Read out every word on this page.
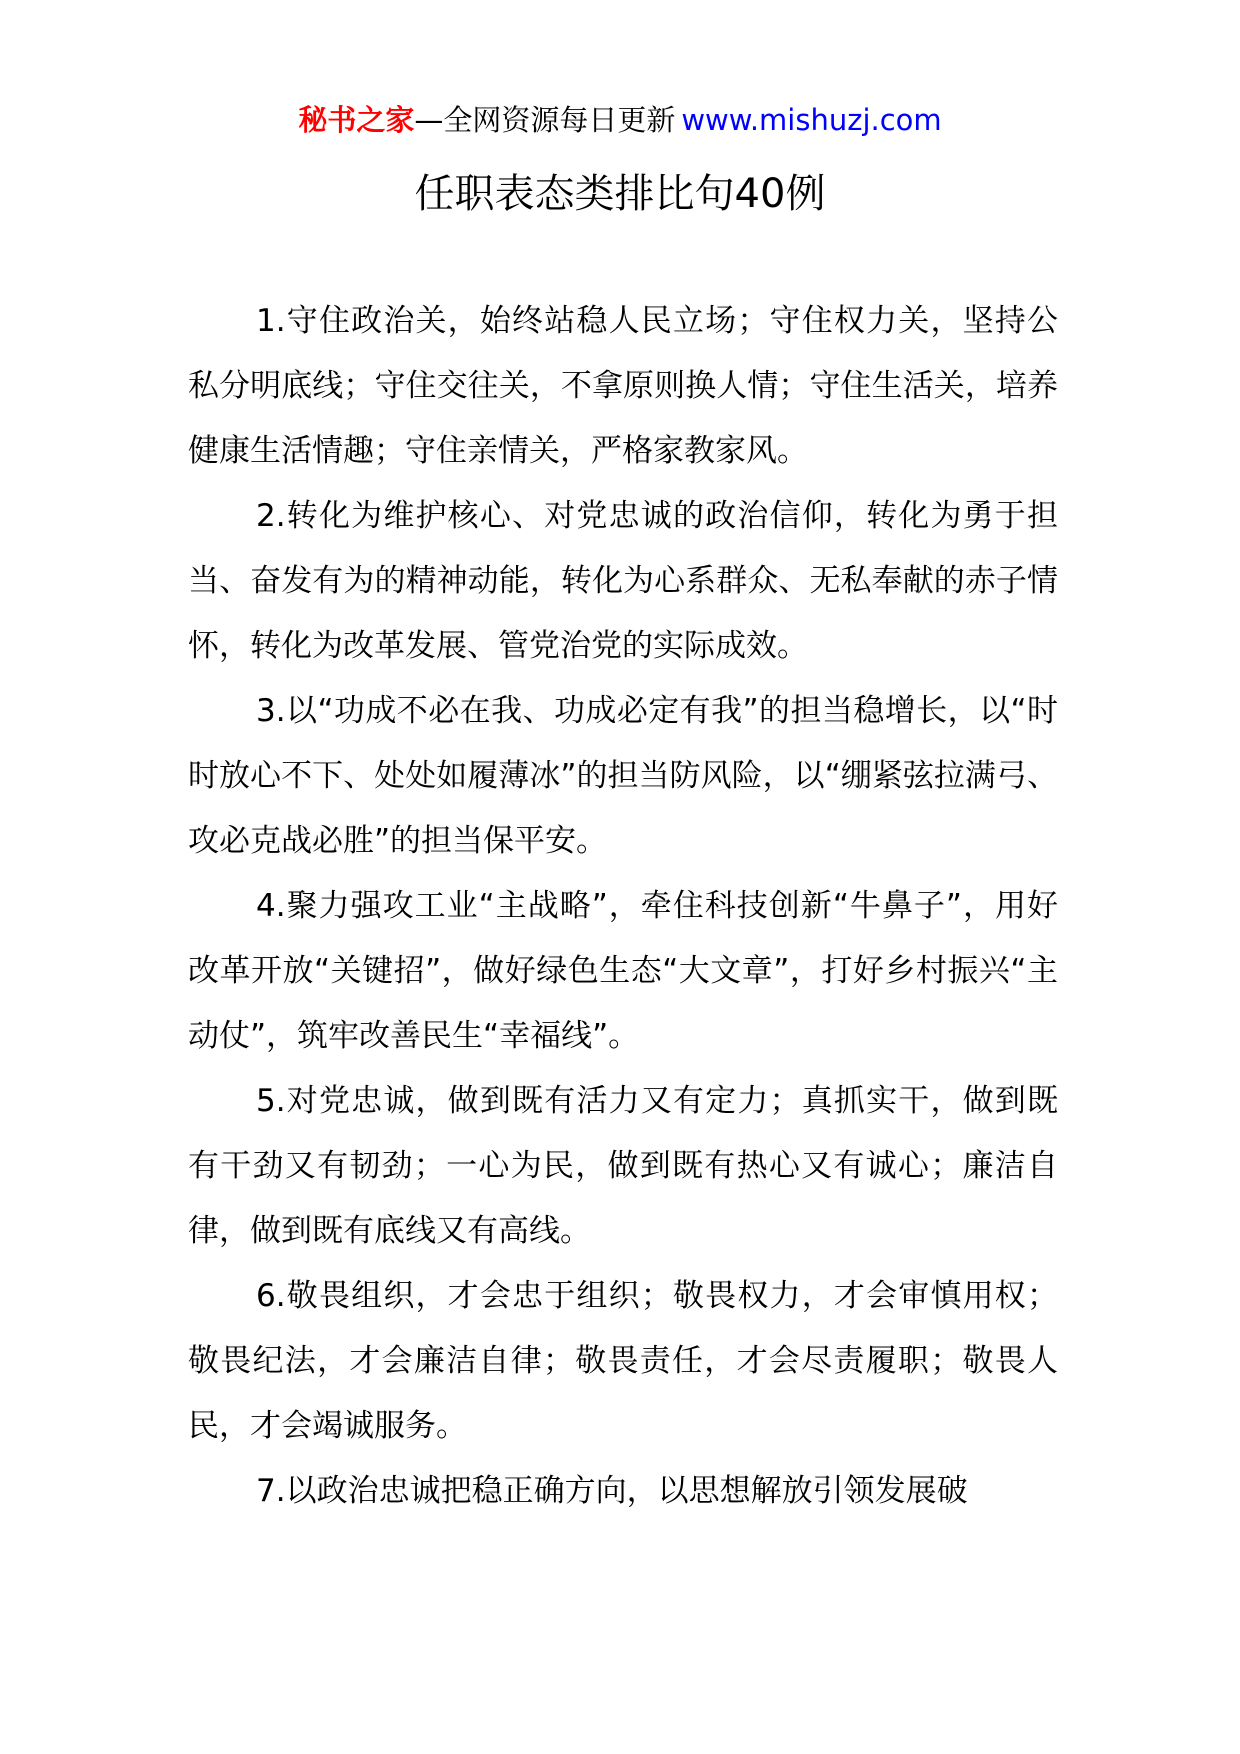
秘书之家—全网资源每日更新 www.mishuzj.com
任职表态类排比句40例

1.守住政治关，始终站稳人民立场；守住权力关，坚持公私分明底线；守住交往关，不拿原则换人情；守住生活关，培养健康生活情趣；守住亲情关，严格家教家风。

2.转化为维护核心、对党忠诚的政治信仰，转化为勇于担当、奋发有为的精神动能，转化为心系群众、无私奉献的赤子情怀，转化为改革发展、管党治党的实际成效。

3.以“功成不必在我、功成必定有我”的担当稳增长，以“时时放心不下、处处如履薄冰”的担当防风险，以“绷紧弦拉满弓、攻必克战必胜”的担当保平安。

4.聚力强攻工业“主战略”，牵住科技创新“牛鼻子”，用好改革开放“关键招”，做好绿色生态“大文章”，打好乡村振兴“主动仗”，筑牢改善民生“幸福线”。

5.对党忠诚，做到既有活力又有定力；真抓实干，做到既有干劲又有韧劲；一心为民，做到既有热心又有诚心；廉洁自律，做到既有底线又有高线。

6.敬畏组织，才会忠于组织；敬畏权力，才会审慎用权；敬畏纪法，才会廉洁自律；敬畏责任，才会尽责履职；敬畏人民，才会竭诚服务。

7.以政治忠诚把稳正确方向，以思想解放引领发展破
